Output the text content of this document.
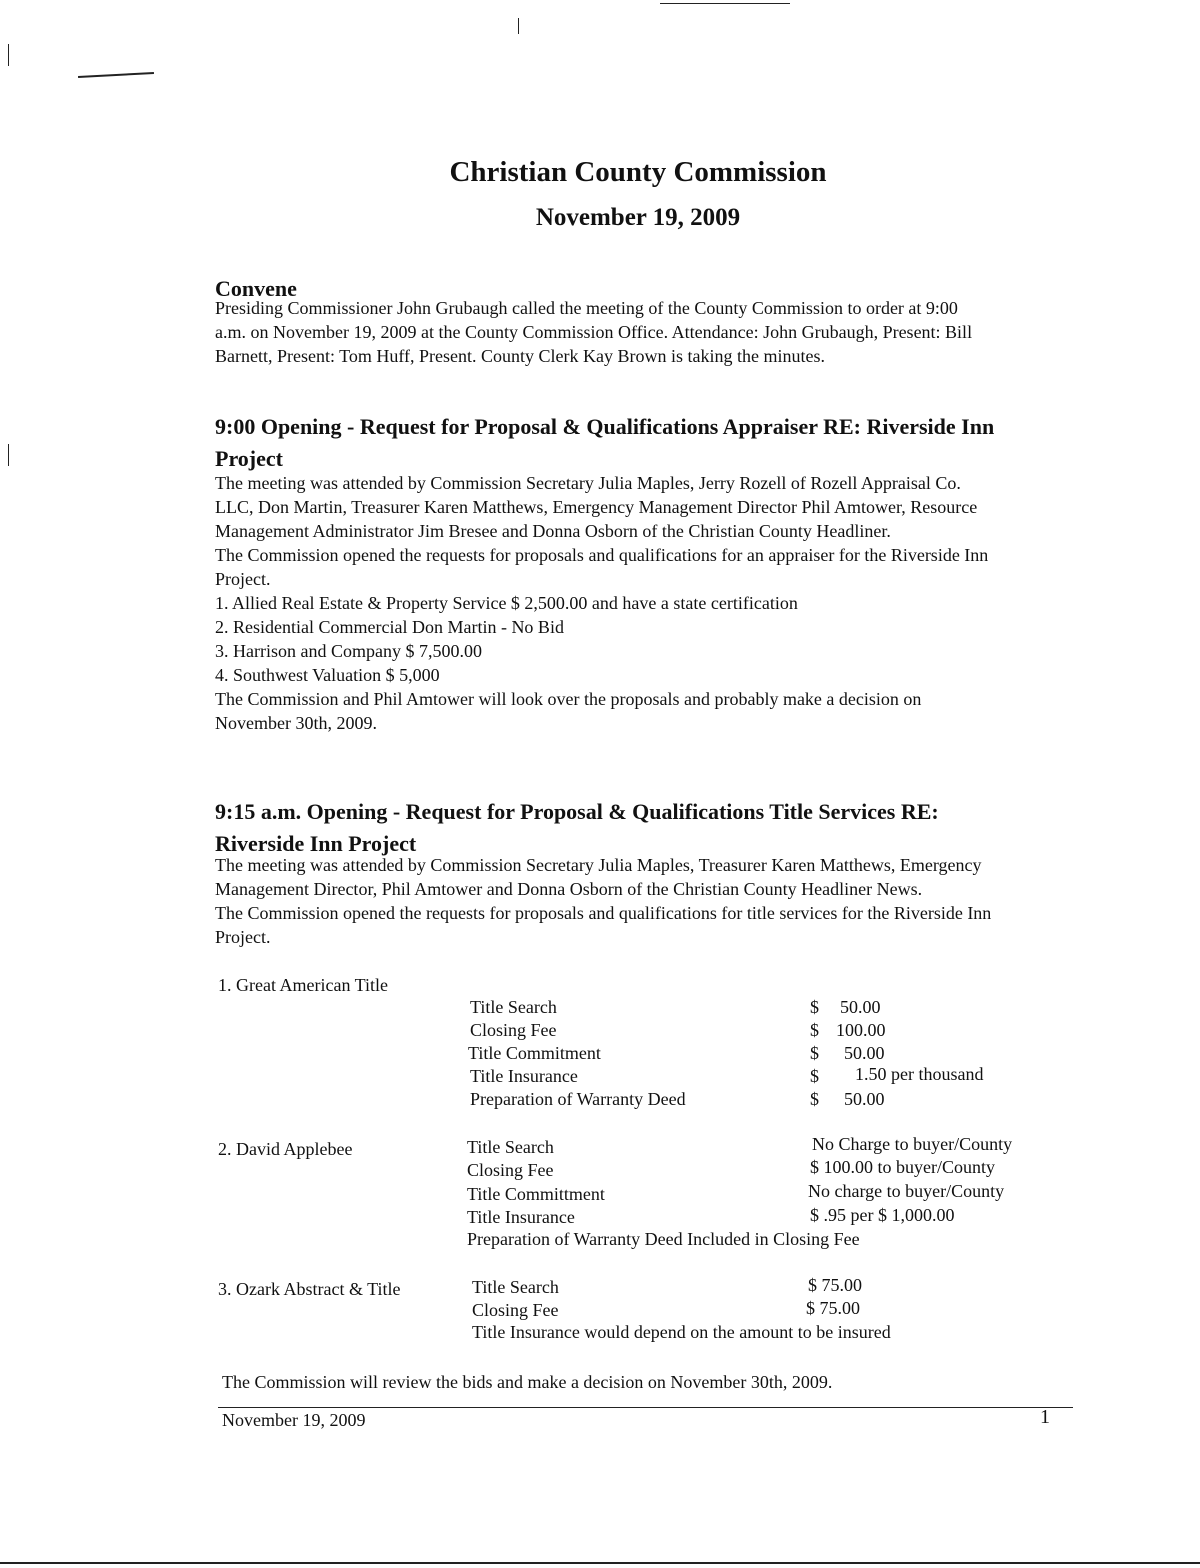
Christian County Commission
November 19, 2009
Convene
Presiding Commissioner John Grubaugh called the meeting of the County Commission to order at 9:00
a.m. on November 19, 2009 at the County Commission Office. Attendance: John Grubaugh, Present: Bill
Barnett, Present: Tom Huff, Present. County Clerk Kay Brown is taking the minutes.
9:00 Opening - Request for Proposal & Qualifications Appraiser RE: Riverside Inn
Project
The meeting was attended by Commission Secretary Julia Maples, Jerry Rozell of Rozell Appraisal Co.
LLC, Don Martin, Treasurer Karen Matthews, Emergency Management Director Phil Amtower, Resource
Management Administrator Jim Bresee and Donna Osborn of the Christian County Headliner.
The Commission opened the requests for proposals and qualifications for an appraiser for the Riverside Inn
Project.
1. Allied Real Estate & Property Service $ 2,500.00 and have a state certification
2. Residential Commercial Don Martin - No Bid
3. Harrison and Company $ 7,500.00
4. Southwest Valuation $ 5,000
The Commission and Phil Amtower will look over the proposals and probably make a decision on
November 30th, 2009.
9:15 a.m. Opening - Request for Proposal & Qualifications Title Services RE:
Riverside Inn Project
The meeting was attended by Commission Secretary Julia Maples, Treasurer Karen Matthews, Emergency
Management Director, Phil Amtower and Donna Osborn of the Christian County Headliner News.
The Commission opened the requests for proposals and qualifications for title services for the Riverside Inn
Project.
1. Great American Title
Title Search	$ 50.00
Closing Fee	$ 100.00
Title Commitment	$ 50.00
Title Insurance	$ 1.50 per thousand
Preparation of Warranty Deed	$ 50.00
2. David Applebee	Title Search	No Charge to buyer/County
Closing Fee	$ 100.00 to buyer/County
Title Committment	No charge to buyer/County
Title Insurance	$ .95 per $ 1,000.00
Preparation of Warranty Deed Included in Closing Fee
3. Ozark Abstract & Title	Title Search	$ 75.00
Closing Fee	$ 75.00
Title Insurance would depend on the amount to be insured
The Commission will review the bids and make a decision on November 30th, 2009.
November 19, 2009	1
